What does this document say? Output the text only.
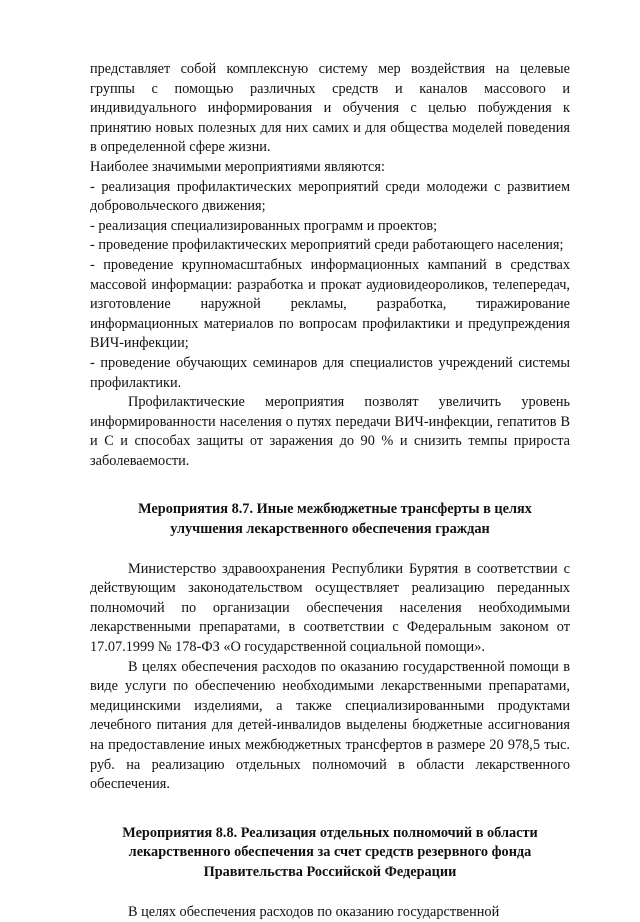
представляет собой комплексную систему мер воздействия на целевые группы с помощью различных средств и каналов массового и индивидуального информирования и обучения с целью побуждения к принятию новых полезных для них самих и для общества моделей поведения в определенной сфере жизни.

Наиболее значимыми мероприятиями являются:

- реализация профилактических мероприятий среди молодежи с развитием добровольческого движения;

- реализация специализированных программ и проектов;

- проведение профилактических мероприятий среди работающего населения;

- проведение крупномасштабных информационных кампаний в средствах массовой информации: разработка и прокат аудиовидеороликов, телепередач, изготовление наружной рекламы, разработка, тиражирование информационных материалов по вопросам профилактики и предупреждения ВИЧ-инфекции;

- проведение обучающих семинаров для специалистов учреждений системы профилактики.

Профилактические мероприятия позволят увеличить уровень информированности населения о путях передачи ВИЧ-инфекции, гепатитов В и С и способах защиты от заражения до 90 % и снизить темпы прироста заболеваемости.

Мероприятия 8.7. Иные межбюджетные трансферты в целях

улучшения лекарственного обеспечения граждан

Министерство здравоохранения Республики Бурятия в соответствии с действующим законодательством осуществляет реализацию переданных полномочий по организации обеспечения населения необходимыми лекарственными препаратами, в соответствии с Федеральным законом от 17.07.1999 № 178-ФЗ «О государственной социальной помощи».

В целях обеспечения расходов по оказанию государственной помощи в виде услуги по обеспечению необходимыми лекарственными препаратами, медицинскими изделиями, а также специализированными продуктами лечебного питания для детей-инвалидов выделены бюджетные ассигнования на предоставление иных межбюджетных трансфертов в размере 20 978,5 тыс. руб. на реализацию отдельных полномочий в области лекарственного обеспечения.

Мероприятия 8.8. Реализация отдельных полномочий в области

лекарственного обеспечения за счет средств резервного фонда

Правительства Российской Федерации

В целях обеспечения расходов по оказанию государственной
